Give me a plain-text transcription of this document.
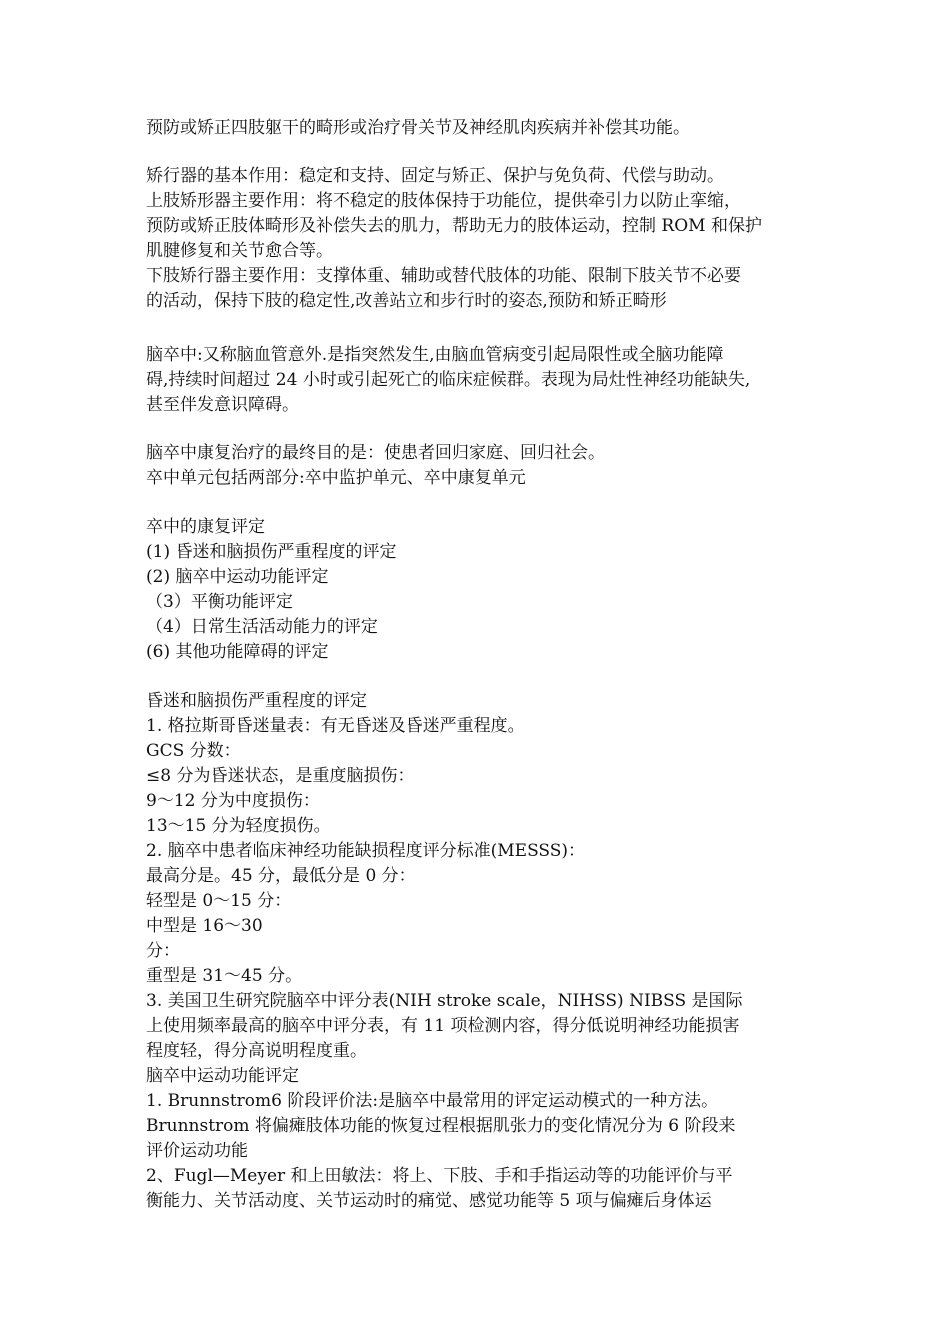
预防或矫正四肢躯干的畸形或治疗骨关节及神经肌肉疾病并补偿其功能。
矫行器的基本作用：稳定和支持、固定与矫正、保护与免负荷、代偿与助动。
上肢矫形器主要作用：将不稳定的肢体保持于功能位，提供牵引力以防止挛缩，
预防或矫正肢体畸形及补偿失去的肌力，帮助无力的肢体运动，控制 ROM 和保护
肌腱修复和关节愈合等。
下肢矫行器主要作用：支撑体重、辅助或替代肢体的功能、限制下肢关节不必要
的活动，保持下肢的稳定性,改善站立和步行时的姿态,预防和矫正畸形
脑卒中:又称脑血管意外.是指突然发生,由脑血管病变引起局限性或全脑功能障
碍,持续时间超过 24 小时或引起死亡的临床症候群。表现为局灶性神经功能缺失,
甚至伴发意识障碍。
脑卒中康复治疗的最终目的是：使患者回归家庭、回归社会。
卒中单元包括两部分:卒中监护单元、卒中康复单元
卒中的康复评定
(1) 昏迷和脑损伤严重程度的评定
(2) 脑卒中运动功能评定
（3）平衡功能评定
（4）日常生活活动能力的评定
(6) 其他功能障碍的评定
昏迷和脑损伤严重程度的评定
1. 格拉斯哥昏迷量表：有无昏迷及昏迷严重程度。
GCS 分数：
≤8 分为昏迷状态，是重度脑损伤：
9～12 分为中度损伤：
13～15 分为轻度损伤。
2. 脑卒中患者临床神经功能缺损程度评分标准(MESSS)：
最高分是。45 分，最低分是 0 分：
轻型是 0～15 分：
中型是 16～30
分：
重型是 31～45 分。
3. 美国卫生研究院脑卒中评分表(NIH stroke scale，NIHSS) NIBSS 是国际
上使用频率最高的脑卒中评分表，有 11 项检测内容，得分低说明神经功能损害
程度轻，得分高说明程度重。
脑卒中运动功能评定
1. Brunnstrom6 阶段评价法:是脑卒中最常用的评定运动模式的一种方法。
Brunnstrom 将偏瘫肢体功能的恢复过程根据肌张力的变化情况分为 6 阶段来
评价运动功能
2、Fugl—Meyer 和上田敏法：将上、下肢、手和手指运动等的功能评价与平
衡能力、关节活动度、关节运动时的痛觉、感觉功能等 5 项与偏瘫后身体运
